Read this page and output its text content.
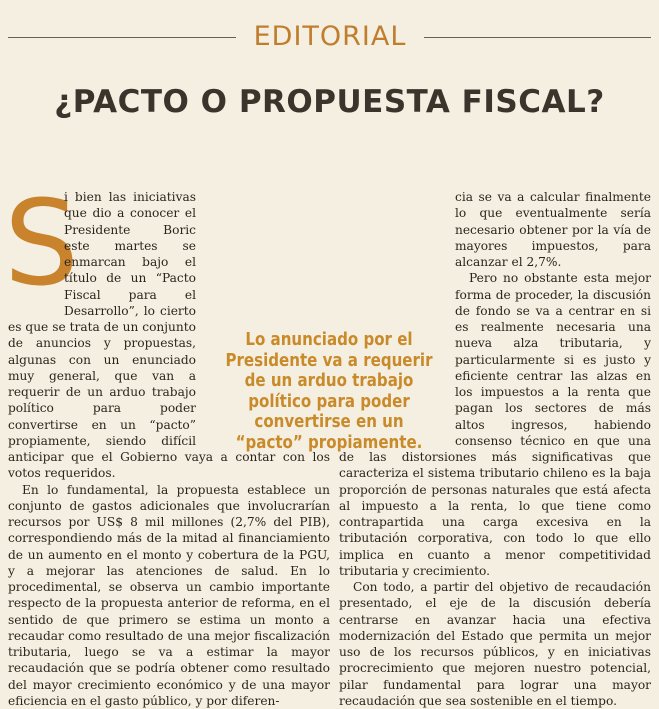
EDITORIAL
¿PACTO O PROPUESTA FISCAL?
S

i bien las iniciativas que dio a conocer el Presidente Boric este martes se enmarcan bajo el título de un “Pacto Fiscal para el Desarrollo”, lo cierto es que se trata de un conjunto de anuncios y propuestas, algunas con un enunciado muy general, que van a requerir de un arduo trabajo político para poder convertirse en un “pacto” propiamente, siendo difícil anticipar que el Gobierno vaya a contar con los votos requeridos.

En lo fundamental, la propuesta establece un conjunto de gastos adicionales que involucrarían recursos por US$ 8 mil millones (2,7% del PIB), correspondiendo más de la mitad al financiamiento de un aumento en el monto y cobertura de la PGU, y a mejorar las atenciones de salud. En lo procedimental, se observa un cambio importante respecto de la propuesta anterior de reforma, en el sentido de que primero se estima un monto a recaudar como resultado de una mejor fiscalización tributaria, luego se va a estimar la mayor recaudación que se podría obtener como resultado del mayor crecimiento económico y de una mayor eficiencia en el gasto público, y por diferen-

cia se va a calcular finalmente lo que eventualmente sería necesario obtener por la vía de mayores impuestos, para alcanzar el 2,7%.

Pero no obstante esta mejor forma de proceder, la discusión de fondo se va a centrar en si es realmente necesaria una nueva alza tributaria, y particularmente si es justo y eficiente centrar las alzas en los impuestos a la renta que pagan los sectores de más altos ingresos, habiendo consenso técnico en que una de las distorsiones más significativas que caracteriza el sistema tributario chileno es la baja proporción de personas naturales que está afecta al impuesto a la renta, lo que tiene como contrapartida una carga excesiva en la tributación corporativa, con todo lo que ello implica en cuanto a menor competitividad tributaria y crecimiento.

Con todo, a partir del objetivo de recaudación presentado, el eje de la discusión debería centrarse en avanzar hacia una efectiva modernización del Estado que permita un mejor uso de los recursos públicos, y en iniciativas procrecimiento que mejoren nuestro potencial, pilar fundamental para lograr una mayor recaudación que sea sostenible en el tiempo.

Lo anunciado por el Presidente va a requerir de un arduo trabajo político para poder convertirse en un “pacto” propiamente.
